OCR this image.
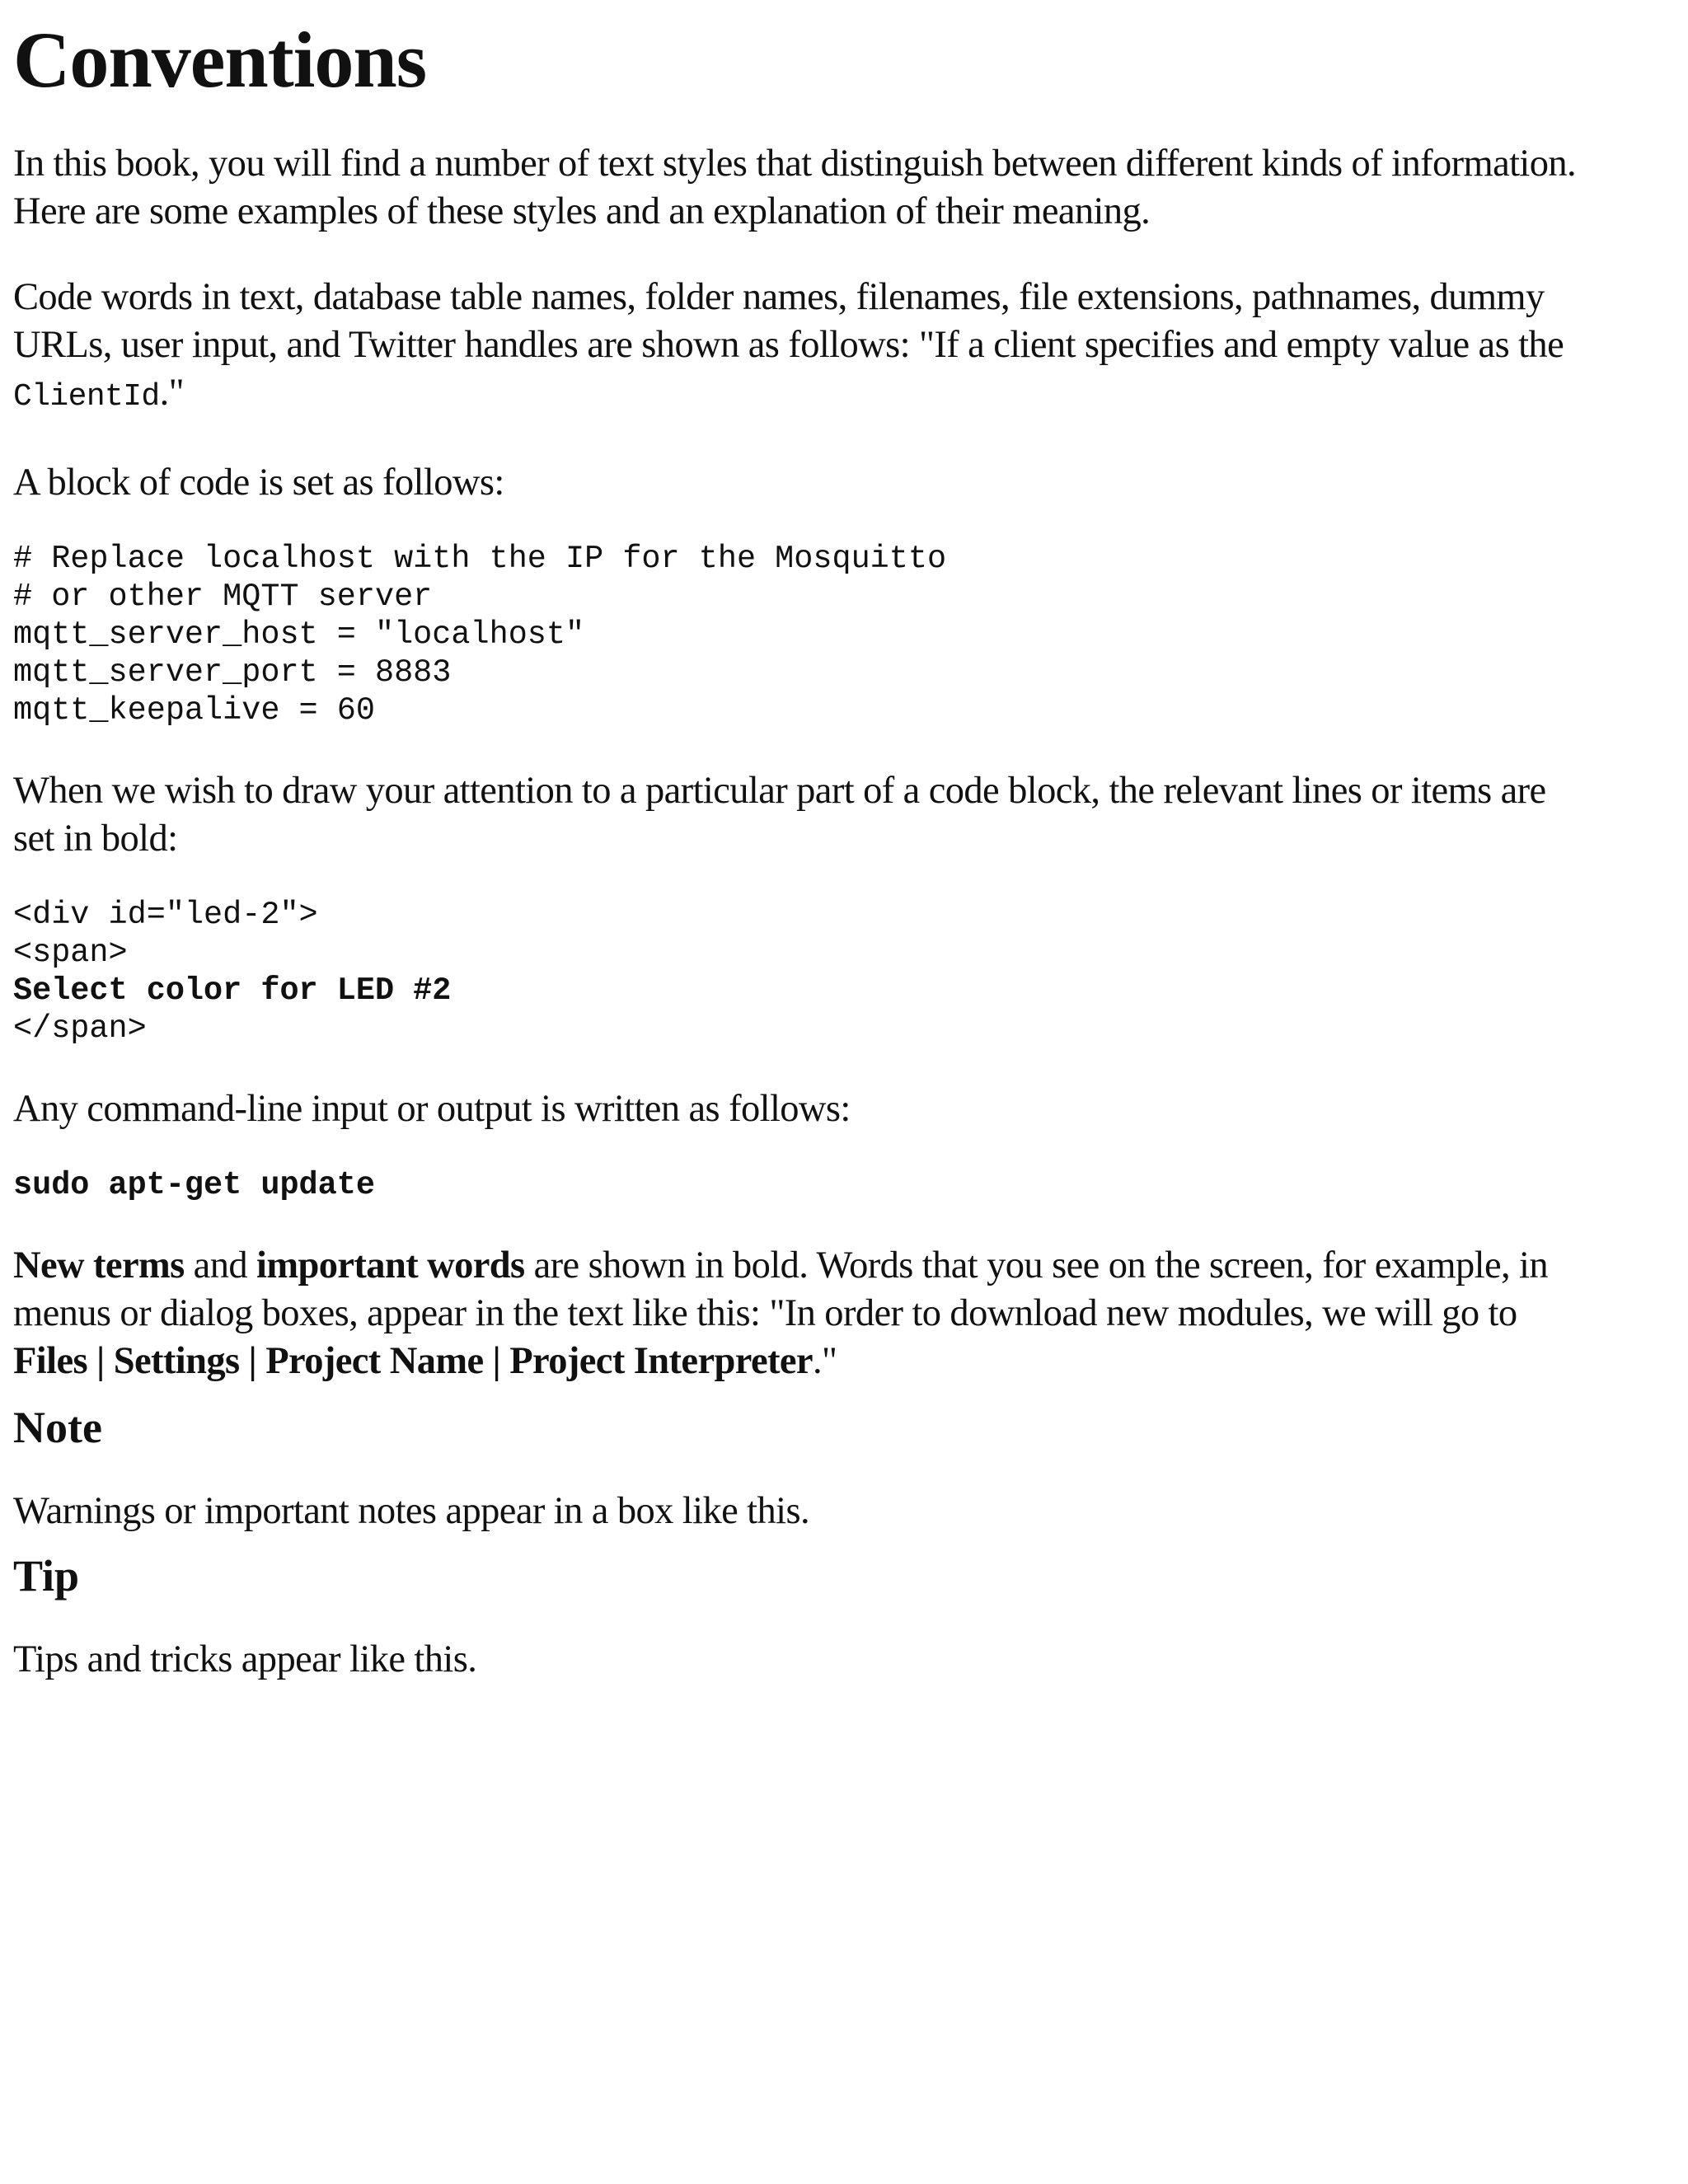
Conventions

In this book, you will find a number of text styles that distinguish between different kinds of information.
Here are some examples of these styles and an explanation of their meaning.

Code words in text, database table names, folder names, filenames, file extensions, pathnames, dummy
URLs, user input, and Twitter handles are shown as follows: "If a client specifies and empty value as the
ClientId."

A block of code is set as follows:

# Replace localhost with the IP for the Mosquitto
# or other MQTT server
mqtt_server_host = "localhost"
mqtt_server_port = 8883
mqtt_keepalive = 60

When we wish to draw your attention to a particular part of a code block, the relevant lines or items are
set in bold:

<div id="led-2">
<span>
Select color for LED #2
</span>

Any command-line input or output is written as follows:

sudo apt-get update

New terms and important words are shown in bold. Words that you see on the screen, for example, in
menus or dialog boxes, appear in the text like this: "In order to download new modules, we will go to
Files | Settings | Project Name | Project Interpreter."

Note

Warnings or important notes appear in a box like this.

Tip

Tips and tricks appear like this.
